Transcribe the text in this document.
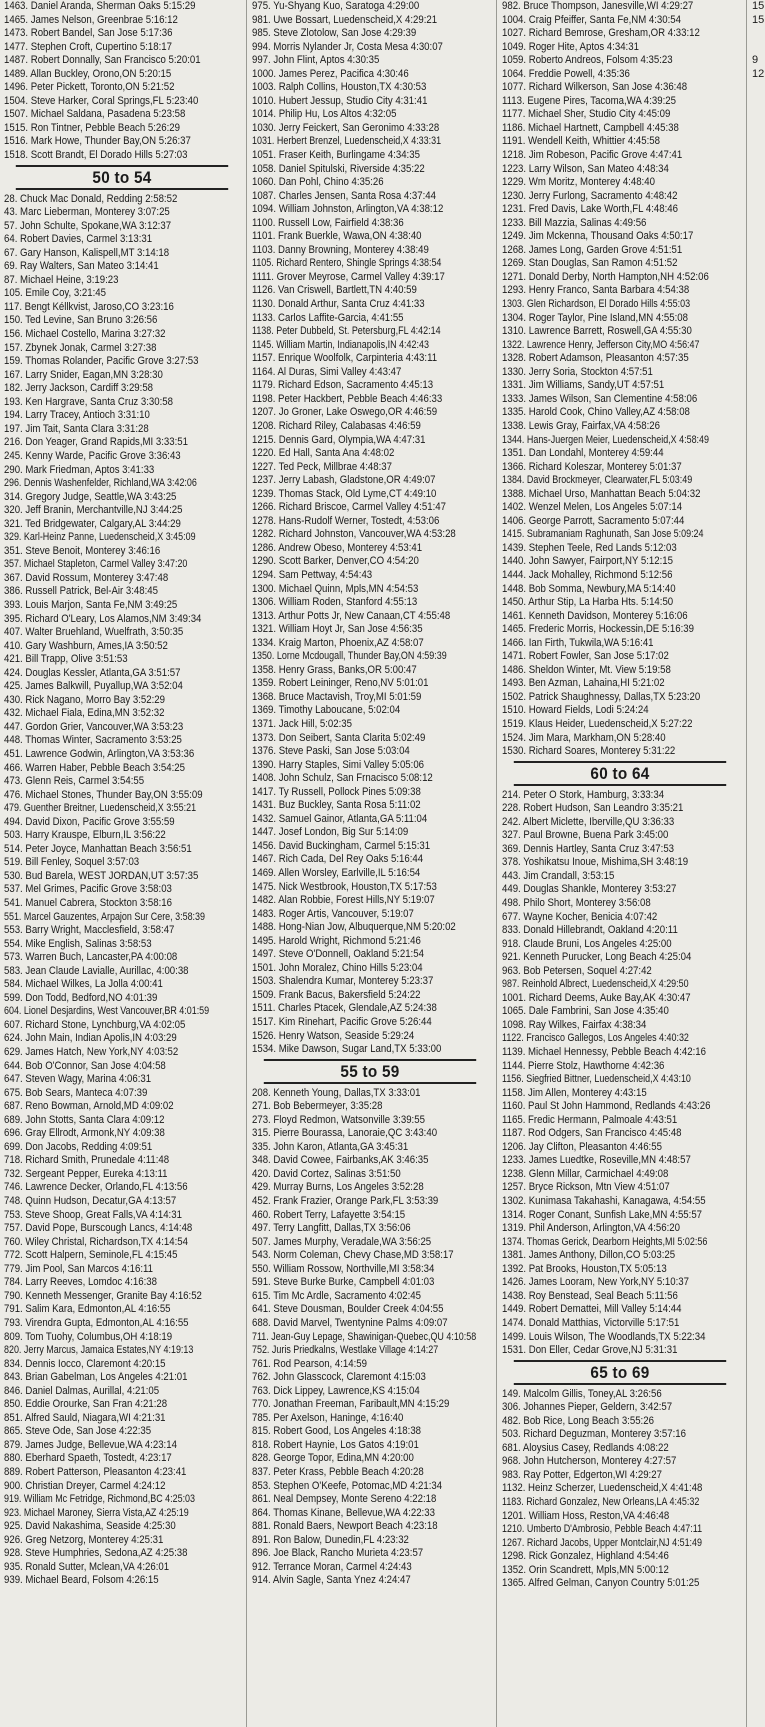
1463. Daniel Aranda, Sherman Oaks 5:15:29
1465. James Nelson, Greenbrae 5:16:12
1473. Robert Bandel, San Jose 5:17:36
1477. Stephen Croft, Cupertino 5:18:17
1487. Robert Donnally, San Francisco 5:20:01
1489. Allan Buckley, Orono,ON 5:20:15
1496. Peter Pickett, Toronto,ON 5:21:52
1504. Steve Harker, Coral Springs,FL 5:23:40
1507. Michael Saldana, Pasadena 5:23:58
1515. Ron Tintner, Pebble Beach 5:26:29
1516. Mark Howe, Thunder Bay,ON 5:26:37
1518. Scott Brandt, El Dorado Hills 5:27:03
50 to 54
28. Chuck Mac Donald, Redding 2:58:52
43. Marc Lieberman, Monterey 3:07:25
57. John Schulte, Spokane,WA 3:12:37
64. Robert Davies, Carmel 3:13:31
67. Gary Hanson, Kalispell,MT 3:14:18
69. Ray Walters, San Mateo 3:14:41
87. Michael Heine, 3:19:23
105. Emile Coy, 3:21:45
117. Bengt Kéllkvist, Jaroso,CO 3:23:16
150. Ted Levine, San Bruno 3:26:56
156. Michael Costello, Marina 3:27:32
157. Zbynek Jonak, Carmel 3:27:38
159. Thomas Rolander, Pacific Grove 3:27:53
167. Larry Snider, Eagan,MN 3:28:30
182. Jerry Jackson, Cardiff 3:29:58
193. Ken Hargrave, Santa Cruz 3:30:58
194. Larry Tracey, Antioch 3:31:10
197. Jim Tait, Santa Clara 3:31:28
216. Don Yeager, Grand Rapids,MI 3:33:51
245. Kenny Warde, Pacific Grove 3:36:43
290. Mark Friedman, Aptos 3:41:33
296. Dennis Washenfelder, Richland,WA 3:42:06
314. Gregory Judge, Seattle,WA 3:43:25
320. Jeff Branin, Merchantville,NJ 3:44:25
321. Ted Bridgewater, Calgary,AL 3:44:29
329. Karl-Heinz Panne, Luedenscheid,X 3:45:09
351. Steve Benoit, Monterey 3:46:16
357. Michael Stapleton, Carmel Valley 3:47:20
367. David Rossum, Monterey 3:47:48
386. Russell Patrick, Bel-Air 3:48:45
393. Louis Marjon, Santa Fe,NM 3:49:25
395. Richard O'Leary, Los Alamos,NM 3:49:34
407. Walter Bruehland, Wuelfrath, 3:50:35
410. Gary Washburn, Ames,IA 3:50:52
421. Bill Trapp, Olive 3:51:53
424. Douglas Kessler, Atlanta,GA 3:51:57
425. James Balkwill, Puyallup,WA 3:52:04
430. Rick Nagano, Morro Bay 3:52:29
432. Michael Fiala, Edina,MN 3:52:32
447. Gordon Grier, Vancouver,WA 3:53:23
448. Thomas Winter, Sacramento 3:53:25
451. Lawrence Godwin, Arlington,VA 3:53:36
466. Warren Haber, Pebble Beach 3:54:25
473. Glenn Reis, Carmel 3:54:55
476. Michael Stones, Thunder Bay,ON 3:55:09
479. Guenther Breitner, Luedenscheid,X 3:55:21
494. David Dixon, Pacific Grove 3:55:59
503. Harry Krauspe, Elburn,IL 3:56:22
514. Peter Joyce, Manhattan Beach 3:56:51
519. Bill Fenley, Soquel 3:57:03
530. Bud Barela, WEST JORDAN,UT 3:57:35
537. Mel Grimes, Pacific Grove 3:58:03
541. Manuel Cabrera, Stockton 3:58:16
551. Marcel Gauzentes, Arpajon Sur Cere, 3:58:39
553. Barry Wright, Macclesfield, 3:58:47
554. Mike English, Salinas 3:58:53
573. Warren Buch, Lancaster,PA 4:00:08
583. Jean Claude Lavialle, Aurillac, 4:00:38
584. Michael Wilkes, La Jolla 4:00:41
599. Don Todd, Bedford,NO 4:01:39
604. Lionel Desjardins, West Vancouver,BR 4:01:59
607. Richard Stone, Lynchburg,VA 4:02:05
624. John Main, Indian Apolis,IN 4:03:29
629. James Hatch, New York,NY 4:03:52
644. Bob O'Connor, San Jose 4:04:58
647. Steven Wagy, Marina 4:06:31
675. Bob Sears, Manteca 4:07:39
687. Reno Bowman, Arnold,MD 4:09:02
689. John Stotts, Santa Clara 4:09:12
696. Gray Ellrodt, Armonk,NY 4:09:38
699. Don Jacobs, Redding 4:09:51
718. Richard Smith, Prunedale 4:11:48
732. Sergeant Pepper, Eureka 4:13:11
746. Lawrence Decker, Orlando,FL 4:13:56
748. Quinn Hudson, Decatur,GA 4:13:57
753. Steve Shoop, Great Falls,VA 4:14:31
757. David Pope, Burscough Lancs, 4:14:48
760. Wiley Christal, Richardson,TX 4:14:54
772. Scott Halpern, Seminole,FL 4:15:45
779. Jim Pool, San Marcos 4:16:11
784. Larry Reeves, Lomdoc 4:16:38
790. Kenneth Messenger, Granite Bay 4:16:52
791. Salim Kara, Edmonton,AL 4:16:55
793. Virendra Gupta, Edmonton,AL 4:16:55
809. Tom Tuohy, Columbus,OH 4:18:19
820. Jerry Marcus, Jamaica Estates,NY 4:19:13
834. Dennis Iocco, Claremont 4:20:15
843. Brian Gabelman, Los Angeles 4:21:01
846. Daniel Dalmas, Aurillal, 4:21:05
850. Eddie Orourke, San Fran 4:21:28
851. Alfred Sauld, Niagara,WI 4:21:31
865. Steve Ode, San Jose 4:22:35
879. James Judge, Bellevue,WA 4:23:14
880. Eberhard Spaeth, Tostedt, 4:23:17
889. Robert Patterson, Pleasanton 4:23:41
900. Christian Dreyer, Carmel 4:24:12
919. William Mc Fetridge, Richmond,BC 4:25:03
923. Michael Maroney, Sierra Vista,AZ 4:25:19
925. David Nakashima, Seaside 4:25:30
926. Greg Netzorg, Monterey 4:25:31
928. Steve Humphries, Sedona,AZ 4:25:38
935. Ronald Sutter, Mclean,VA 4:26:01
939. Michael Beard, Folsom 4:26:15
975. Yu-Shyang Kuo, Saratoga 4:29:00
981. Uwe Bossart, Luedenscheid,X 4:29:21
985. Steve Zlotolow, San Jose 4:29:39
994. Morris Nylander Jr, Costa Mesa 4:30:07
997. John Flint, Aptos 4:30:35
1000. James Perez, Pacifica 4:30:46
1003. Ralph Collins, Houston,TX 4:30:53
1010. Hubert Jessup, Studio City 4:31:41
1014. Philip Hu, Los Altos 4:32:05
1030. Jerry Feickert, San Geronimo 4:33:28
1031. Herbert Brenzel, Luedenscheid,X 4:33:31
1051. Fraser Keith, Burlingame 4:34:35
1058. Daniel Spitulski, Riverside 4:35:22
1060. Dan Pohl, Chino 4:35:26
1087. Charles Jensen, Santa Rosa 4:37:44
1094. William Johnston, Arlington,VA 4:38:12
1100. Russell Low, Fairfield 4:38:36
1101. Frank Buerkle, Wawa,ON 4:38:40
1103. Danny Browning, Monterey 4:38:49
1105. Richard Rentero, Shingle Springs 4:38:54
1111. Grover Meyrose, Carmel Valley 4:39:17
1126. Van Criswell, Bartlett,TN 4:40:59
1130. Donald Arthur, Santa Cruz 4:41:33
1133. Carlos Laffite-Garcia, 4:41:55
1138. Peter Dubbeld, St. Petersburg,FL 4:42:14
1145. William Martin, Indianapolis,IN 4:42:43
1157. Enrique Woolfolk, Carpinteria 4:43:11
1164. Al Duras, Simi Valley 4:43:47
1179. Richard Edson, Sacramento 4:45:13
1198. Peter Hackbert, Pebble Beach 4:46:33
1207. Jo Groner, Lake Oswego,OR 4:46:59
1208. Richard Riley, Calabasas 4:46:59
1215. Dennis Gard, Olympia,WA 4:47:31
1220. Ed Hall, Santa Ana 4:48:02
1227. Ted Peck, Millbrae 4:48:37
1237. Jerry Labash, Gladstone,OR 4:49:07
1239. Thomas Stack, Old Lyme,CT 4:49:10
1266. Richard Briscoe, Carmel Valley 4:51:47
1278. Hans-Rudolf Werner, Tostedt, 4:53:06
1282. Richard Johnston, Vancouver,WA 4:53:28
1286. Andrew Obeso, Monterey 4:53:41
1290. Scott Barker, Denver,CO 4:54:20
1294. Sam Pettway, 4:54:43
1300. Michael Quinn, Mpls,MN 4:54:53
1306. William Roden, Stanford 4:55:13
1313. Arthur Potts Jr, New Canaan,CT 4:55:48
1321. William Hoyt Jr, San Jose 4:56:35
1334. Kraig Marton, Phoenix,AZ 4:58:07
1350. Lorne Mcdougall, Thunder Bay,ON 4:59:39
1358. Henry Grass, Banks,OR 5:00:47
1359. Robert Leininger, Reno,NV 5:01:01
1368. Bruce Mactavish, Troy,MI 5:01:59
1369. Timothy Laboucane, 5:02:04
1371. Jack Hill, 5:02:35
1373. Don Seibert, Santa Clarita 5:02:49
1376. Steve Paski, San Jose 5:03:04
1390. Harry Staples, Simi Valley 5:05:06
1408. John Schulz, San Frnacisco 5:08:12
1417. Ty Russell, Pollock Pines 5:09:38
1431. Buz Buckley, Santa Rosa 5:11:02
1432. Samuel Gainor, Atlanta,GA 5:11:04
1447. Josef London, Big Sur 5:14:09
1456. David Buckingham, Carmel 5:15:31
1467. Rich Cada, Del Rey Oaks 5:16:44
1469. Allen Worsley, Earlville,IL 5:16:54
1475. Nick Westbrook, Houston,TX 5:17:53
1482. Alan Robbie, Forest Hills,NY 5:19:07
1483. Roger Artis, Vancouver, 5:19:07
1488. Hong-Nian Jow, Albuquerque,NM 5:20:02
1495. Harold Wright, Richmond 5:21:46
1497. Steve O'Donnell, Oakland 5:21:54
1501. John Moralez, Chino Hills 5:23:04
1503. Shalendra Kumar, Monterey 5:23:37
1509. Frank Bacus, Bakersfield 5:24:22
1511. Charles Ptacek, Glendale,AZ 5:24:38
1517. Kim Rinehart, Pacific Grove 5:26:44
1526. Henry Watson, Seaside 5:29:24
1534. Mike Dawson, Sugar Land,TX 5:33:00
55 to 59
208. Kenneth Young, Dallas,TX 3:33:01
271. Bob Bebermeyer, 3:35:28
273. Floyd Redmon, Watsonville 3:39:55
315. Pierre Bourassa, Lanoraie,QC 3:43:40
335. John Karon, Atlanta,GA 3:45:31
348. David Cowee, Fairbanks,AK 3:46:35
420. David Cortez, Salinas 3:51:50
429. Murray Burns, Los Angeles 3:52:28
452. Frank Frazier, Orange Park,FL 3:53:39
460. Robert Terry, Lafayette 3:54:15
497. Terry Langfitt, Dallas,TX 3:56:06
507. James Murphy, Veradale,WA 3:56:25
543. Norm Coleman, Chevy Chase,MD 3:58:17
550. William Rossow, Northville,MI 3:58:34
591. Steve Burke Burke, Campbell 4:01:03
615. Tim Mc Ardle, Sacramento 4:02:45
641. Steve Dousman, Boulder Creek 4:04:55
688. David Marvel, Twentynine Palms 4:09:07
711. Jean-Guy Lepage, Shawinigan-Quebec,QU 4:10:58
752. Juris Priedkalns, Westlake Village 4:14:27
761. Rod Pearson, 4:14:59
762. John Glasscock, Claremont 4:15:03
763. Dick Lippey, Lawrence,KS 4:15:04
770. Jonathan Freeman, Faribault,MN 4:15:29
785. Per Axelson, Haninge, 4:16:40
815. Robert Good, Los Angeles 4:18:38
818. Robert Haynie, Los Gatos 4:19:01
828. George Topor, Edina,MN 4:20:00
837. Peter Krass, Pebble Beach 4:20:28
853. Stephen O'Keefe, Potomac,MD 4:21:34
861. Neal Dempsey, Monte Sereno 4:22:18
864. Thomas Kinane, Bellevue,WA 4:22:33
881. Ronald Baers, Newport Beach 4:23:18
891. Ron Balow, Dunedin,FL 4:23:32
896. Joe Black, Rancho Murieta 4:23:57
912. Terrance Moran, Carmel 4:24:43
914. Alvin Sagle, Santa Ynez 4:24:47
982. Bruce Thompson, Janesville,WI 4:29:27
1004. Craig Pfeiffer, Santa Fe,NM 4:30:54
1027. Richard Bemrose, Gresham,OR 4:33:12
1049. Roger Hite, Aptos 4:34:31
1059. Roberto Andreos, Folsom 4:35:23
1064. Freddie Powell, 4:35:36
1077. Richard Wilkerson, San Jose 4:36:48
1113. Eugene Pires, Tacoma,WA 4:39:25
1177. Michael Sher, Studio City 4:45:09
1186. Michael Hartnett, Campbell 4:45:38
1191. Wendell Keith, Whittier 4:45:58
1218. Jim Robeson, Pacific Grove 4:47:41
1223. Larry Wilson, San Mateo 4:48:34
1229. Wm Moritz, Monterey 4:48:40
1230. Jerry Furlong, Sacramento 4:48:42
1231. Fred Davis, Lake Worth,FL 4:48:46
1233. Bill Mazzia, Salinas 4:49:56
1249. Jim Mckenna, Thousand Oaks 4:50:17
1268. James Long, Garden Grove 4:51:51
1269. Stan Douglas, San Ramon 4:51:52
1271. Donald Derby, North Hampton,NH 4:52:06
1293. Henry Franco, Santa Barbara 4:54:38
1303. Glen Richardson, El Dorado Hills 4:55:03
1304. Roger Taylor, Pine Island,MN 4:55:08
1310. Lawrence Barrett, Roswell,GA 4:55:30
1322. Lawrence Henry, Jefferson City,MO 4:56:47
1328. Robert Adamson, Pleasanton 4:57:35
1330. Jerry Soria, Stockton 4:57:51
1331. Jim Williams, Sandy,UT 4:57:51
1333. James Wilson, San Clementine 4:58:06
1335. Harold Cook, Chino Valley,AZ 4:58:08
1338. Lewis Gray, Fairfax,VA 4:58:26
1344. Hans-Juergen Meier, Luedenscheid,X 4:58:49
1351. Dan Londahl, Monterey 4:59:44
1366. Richard Koleszar, Monterey 5:01:37
1384. David Brockmeyer, Clearwater,FL 5:03:49
1388. Michael Urso, Manhattan Beach 5:04:32
1402. Wenzel Melen, Los Angeles 5:07:14
1406. George Parrott, Sacramento 5:07:44
1415. Subramaniam Raghunath, San Jose 5:09:24
1439. Stephen Teele, Red Lands 5:12:03
1440. John Sawyer, Fairport,NY 5:12:15
1444. Jack Mohalley, Richmond 5:12:56
1448. Bob Somma, Newbury,MA 5:14:40
1450. Arthur Stip, La Harba Hts. 5:14:50
1461. Kenneth Davidson, Monterey 5:16:06
1465. Frederic Morris, Hockessin,DE 5:16:39
1466. Ian Firth, Tukwila,WA 5:16:41
1471. Robert Fowler, San Jose 5:17:02
1486. Sheldon Winter, Mt. View 5:19:58
1493. Ben Azman, Lahaina,HI 5:21:02
1502. Patrick Shaughnessy, Dallas,TX 5:23:20
1510. Howard Fields, Lodi 5:24:24
1519. Klaus Heider, Luedenscheid,X 5:27:22
1524. Jim Mara, Markham,ON 5:28:40
1530. Richard Soares, Monterey 5:31:22
60 to 64
214. Peter O Stork, Hamburg, 3:33:34
228. Robert Hudson, San Leandro 3:35:21
242. Albert Miclette, Iberville,QU 3:36:33
327. Paul Browne, Buena Park 3:45:00
369. Dennis Hartley, Santa Cruz 3:47:53
378. Yoshikatsu Inoue, Mishima,SH 3:48:19
443. Jim Crandall, 3:53:15
449. Douglas Shankle, Monterey 3:53:27
498. Philo Short, Monterey 3:56:08
677. Wayne Kocher, Benicia 4:07:42
833. Donald Hillebrandt, Oakland 4:20:11
918. Claude Bruni, Los Angeles 4:25:00
921. Kenneth Purucker, Long Beach 4:25:04
963. Bob Petersen, Soquel 4:27:42
987. Reinhold Albrect, Luedenscheid,X 4:29:50
1001. Richard Deems, Auke Bay,AK 4:30:47
1065. Dale Fambrini, San Jose 4:35:40
1098. Ray Wilkes, Fairfax 4:38:34
1122. Francisco Gallegos, Los Angeles 4:40:32
1139. Michael Hennessy, Pebble Beach 4:42:16
1144. Pierre Stolz, Hawthorne 4:42:36
1156. Siegfried Bittner, Luedenscheid,X 4:43:10
1158. Jim Allen, Monterey 4:43:15
1160. Paul St John Hammond, Redlands 4:43:26
1165. Fredic Hermann, Palmoale 4:43:51
1187. Rod Odgers, San Francisco 4:45:48
1206. Jay Clifton, Pleasanton 4:46:55
1233. James Luedtke, Roseville,MN 4:48:57
1238. Glenn Millar, Carmichael 4:49:08
1257. Bryce Rickson, Mtn View 4:51:07
1302. Kunimasa Takahashi, Kanagawa, 4:54:55
1314. Roger Conant, Sunfish Lake,MN 4:55:57
1319. Phil Anderson, Arlington,VA 4:56:20
1374. Thomas Gerick, Dearborn Heights,MI 5:02:56
1381. James Anthony, Dillon,CO 5:03:25
1392. Pat Brooks, Houston,TX 5:05:13
1426. James Looram, New York,NY 5:10:37
1438. Roy Benstead, Seal Beach 5:11:56
1449. Robert Demattei, Mill Valley 5:14:44
1474. Donald Matthias, Victorville 5:17:51
1499. Louis Wilson, The Woodlands,TX 5:22:34
1531. Don Eller, Cedar Grove,NJ 5:31:31
65 to 69
149. Malcolm Gillis, Toney,AL 3:26:56
306. Johannes Pieper, Geldern, 3:42:57
482. Bob Rice, Long Beach 3:55:26
503. Richard Deguzman, Monterey 3:57:16
681. Aloysius Casey, Redlands 4:08:22
968. John Hutcherson, Monterey 4:27:57
983. Ray Potter, Edgerton,WI 4:29:27
1132. Heinz Scherzer, Luedenscheid,X 4:41:48
1183. Richard Gonzalez, New Orleans,LA 4:45:32
1201. William Hoss, Reston,VA 4:46:48
1210. Umberto D'Ambrosio, Pebble Beach 4:47:11
1267. Richard Jacobs, Upper Montclair,NJ 4:51:49
1298. Rick Gonzalez, Highland 4:54:46
1352. Orin Scandrett, Mpls,MN 5:00:12
1365. Alfred Gelman, Canyon Country 5:01:25
15
15
9
12
